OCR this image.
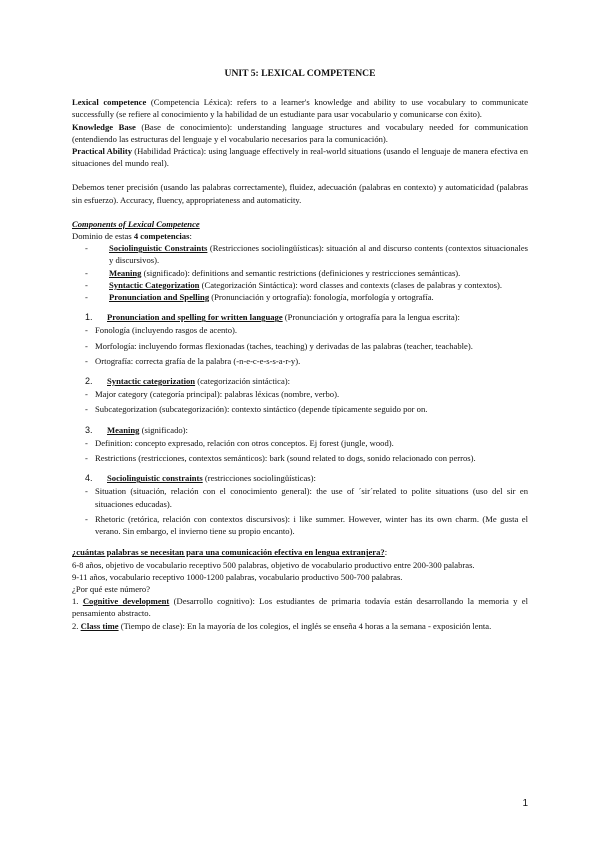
UNIT 5: LEXICAL COMPETENCE

Lexical competence (Competencia Léxica): refers to a learner's knowledge and ability to use vocabulary to communicate successfully (se refiere al conocimiento y la habilidad de un estudiante para usar vocabulario y comunicarse con éxito).

Knowledge Base (Base de conocimiento): understanding language structures and vocabulary needed for communication (entendiendo las estructuras del lenguaje y el vocabulario necesarios para la comunicación).

Practical Ability (Habilidad Práctica): using language effectively in real-world situations (usando el lenguaje de manera efectiva en situaciones del mundo real).

Debemos tener precisión (usando las palabras correctamente), fluidez, adecuación (palabras en contexto) y automaticidad (palabras sin esfuerzo). Accuracy, fluency, appropriateness and automaticity.

Components of Lexical Competence

Dominio de estas 4 competencias:

- Sociolinguistic Constraints (Restricciones sociolingüísticas): situación al and discurso contents (contextos situacionales y discursivos).
- Meaning (significado): definitions and semantic restrictions (definiciones y restricciones semánticas).
- Syntactic Categorization (Categorización Sintáctica): word classes and contexts (clases de palabras y contextos).
- Pronunciation and Spelling (Pronunciación y ortografía): fonología, morfología y ortografía.
1. Pronunciation and spelling for written language (Pronunciación y ortografía para la lengua escrita):
- Fonología (incluyendo rasgos de acento).
- Morfología: incluyendo formas flexionadas (taches, teaching) y derivadas de las palabras (teacher, teachable).
- Ortografía: correcta grafía de la palabra (-n-e-c-e-s-s-a-r-y).
2. Syntactic categorization (categorización sintáctica):
- Major category (categoría principal): palabras léxicas (nombre, verbo).
- Subcategorization (subcategorización): contexto sintáctico (depende típicamente seguido por on.
3. Meaning (significado):
- Definition: concepto expresado, relación con otros conceptos. Ej forest (jungle, wood).
- Restrictions (restricciones, contextos semánticos): bark (sound related to dogs, sonido relacionado con perros).
4. Sociolinguistic constraints (restricciones sociolingüísticas):
- Situation (situación, relación con el conocimiento general): the use of ´sir´related to polite situations (uso del sir en situaciones educadas).
- Rhetoric (retórica, relación con contextos discursivos): i like summer. However, winter has its own charm. (Me gusta el verano. Sin embargo, el invierno tiene su propio encanto).

¿cuántas palabras se necesitan para una comunicación efectiva en lengua extranjera?:

6-8 años, objetivo de vocabulario receptivo 500 palabras, objetivo de vocabulario productivo entre 200-300 palabras.

9-11 años, vocabulario receptivo 1000-1200 palabras, vocabulario productivo 500-700 palabras.

¿Por qué este número?

1. Cognitive development (Desarrollo cognitivo): Los estudiantes de primaria todavía están desarrollando la memoria y el pensamiento abstracto.

2. Class time (Tiempo de clase): En la mayoría de los colegios, el inglés se enseña 4 horas a la semana - exposición lenta.

1
